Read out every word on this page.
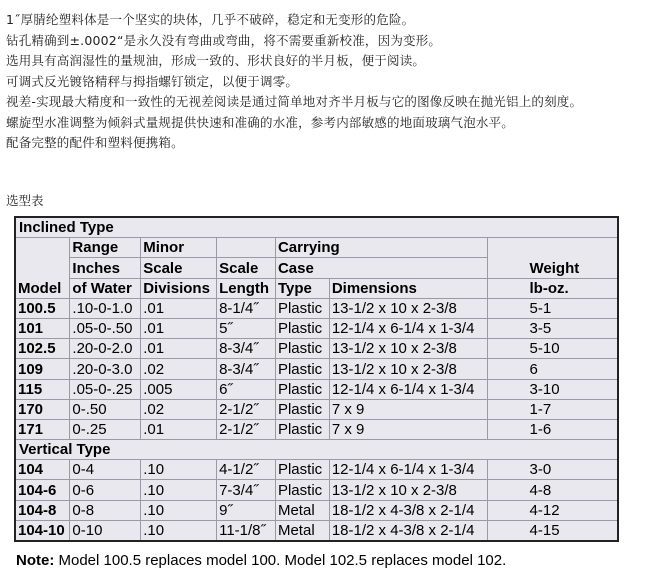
1˝厚腈纶塑料体是一个坚实的块体，几乎不破碎，稳定和无变形的危险。

钻孔精确到±.0002“是永久没有弯曲或弯曲，将不需要重新校准，因为变形。

选用具有高润湿性的量规油，形成一致的、形状良好的半月板，便于阅读。

可调式反光镀铬精秤与拇指螺钉锁定，以便于调零。

视差-实现最大精度和一致性的无视差阅读是通过简单地对齐半月板与它的图像反映在抛光铝上的刻度。

螺旋型水准调整为倾斜式量规提供快速和准确的水准，参考内部敏感的地面玻璃气泡水平。

配备完整的配件和塑料便携箱。

选型表

Inclined Type						
Model	Range	Minor		Carrying		Weight
	Inches	Scale	Scale	Case		
	of Water	Divisions	Length	Type	Dimensions	lb-oz.
100.5	.10-0-1.0	.01	8-1/4˝	Plastic	13-1/2 x 10 x 2-3/8	5-1
101	.05-0-.50	.01	5˝	Plastic	12-1/4 x 6-1/4 x 1-3/4	3-5
102.5	.20-0-2.0	.01	8-3/4˝	Plastic	13-1/2 x 10 x 2-3/8	5-10
109	.20-0-3.0	.02	8-3/4˝	Plastic	13-1/2 x 10 x 2-3/8	6
115	.05-0-.25	.005	6˝	Plastic	12-1/4 x 6-1/4 x 1-3/4	3-10
170	0-.50	.02	2-1/2˝	Plastic	7 x 9	1-7
171	0-.25	.01	2-1/2˝	Plastic	7 x 9	1-6
Vertical Type						
104	0-4	.10	4-1/2˝	Plastic	12-1/4 x 6-1/4 x 1-3/4	3-0
104-6	0-6	.10	7-3/4˝	Plastic	13-1/2 x 10 x 2-3/8	4-8
104-8	0-8	.10	9˝	Metal	18-1/2 x 4-3/8 x 2-1/4	4-12
104-10	0-10	.10	11-1/8˝	Metal	18-1/2 x 4-3/8 x 2-1/4	4-15

Note: Model 100.5 replaces model 100. Model 102.5 replaces model 102.
